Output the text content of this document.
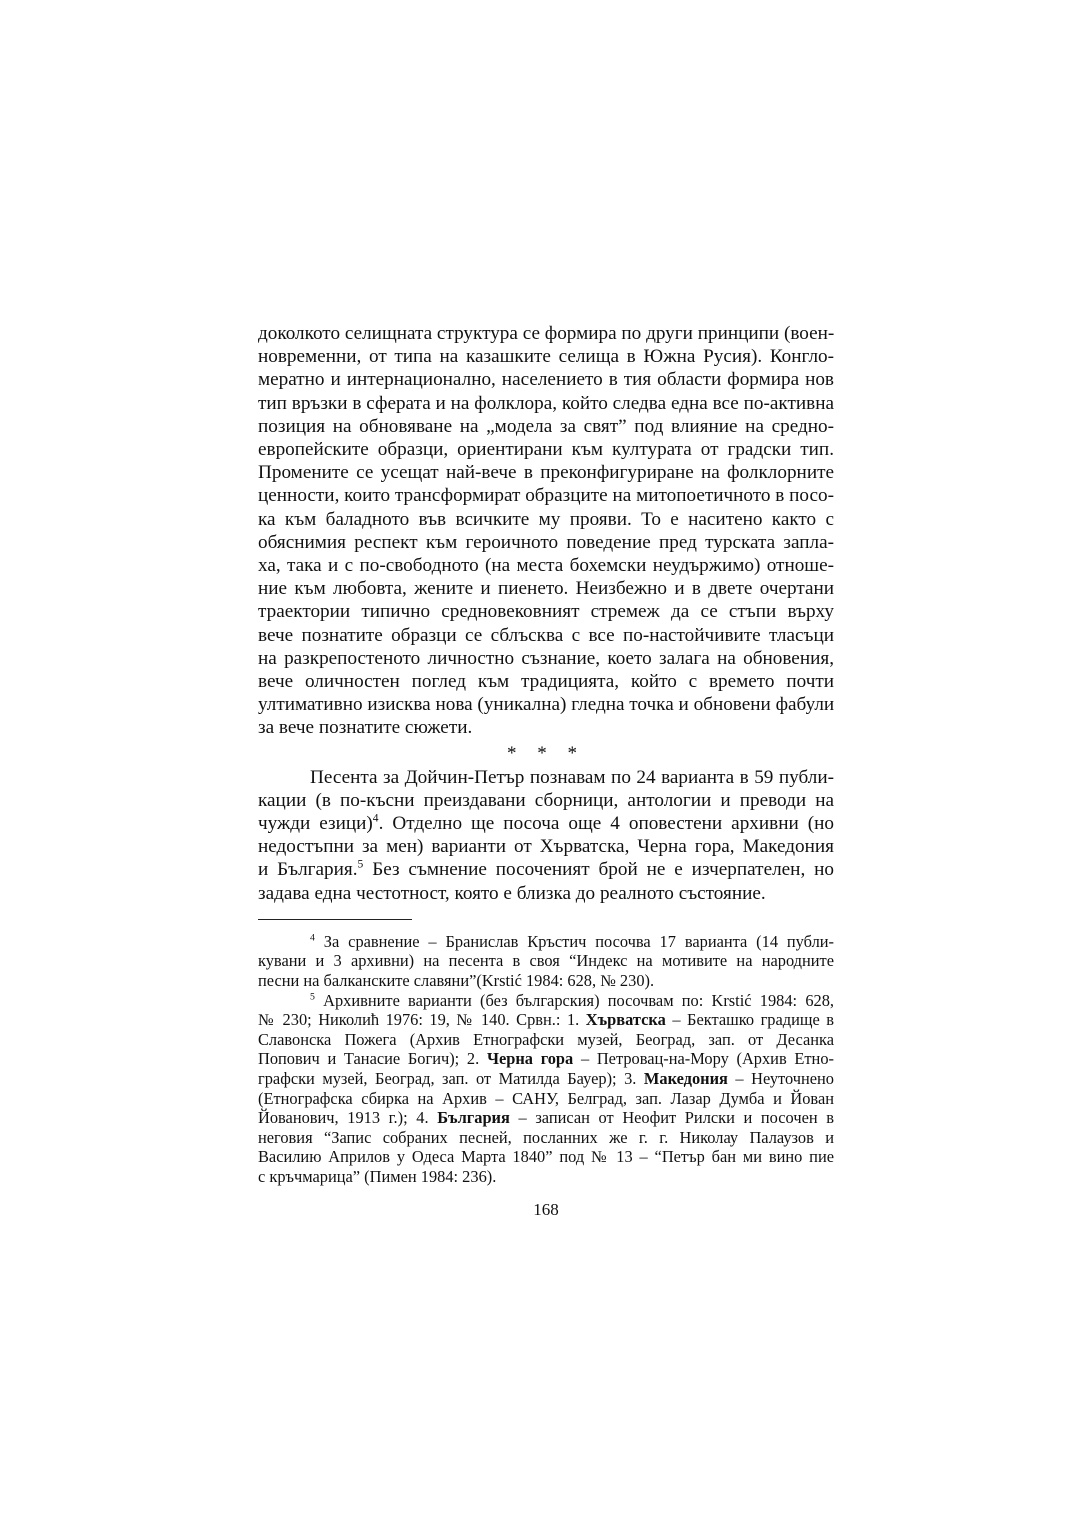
доколкото селищната структура се формира по други принципи (воен-
новременни, от типа на казашките селища в Южна Русия). Конгло-
мератно и интернационално, населението в тия области формира нов
тип връзки в сферата и на фолклора, който следва една все по-активна
позиция на обновяване на „модела за свят” под влияние на средно-
европейските образци, ориентирани към културата от градски тип.
Промените се усещат най-вече в преконфигуриране на фолклорните
ценности, които трансформират образците на митопоетичното в посо-
ка към баладното във всичките му прояви. То е наситено както с
обяснимия респект към героичното поведение пред турската запла-
ха, така и с по-свободното (на места бохемски неудържимо) отноше-
ние към любовта, жените и пиенето. Неизбежно и в двете очертани
траектории типично средновековният стремеж да се стъпи върху
вече познатите образци се сблъсква с все по-настойчивите тласъци
на разкрепостеното личностно съзнание, което залага на обновения,
вече оличностен поглед към традицията, който с времето почти
ултимативно изисква нова (уникална) гледна точка и обновени фабули
за вече познатите сюжети.

* * *

Песента за Дойчин-Петър познавам по 24 варианта в 59 публи-
кации (в по-късни преиздавани сборници, антологии и преводи на
чужди езици)$^4$. Отделно ще посоча още 4 оповестени архивни (но
недостъпни за мен) варианти от Хърватска, Черна гора, Македония
и България.$^5$ Без съмнение посоченият брой не е изчерпателен, но
задава една честотност, която е близка до реалното състояние.

$^4$ За сравнение – Бранислав Кръстич посочва 17 варианта (14 публи-
кувани и 3 архивни) на песента в своя “Индекс на мотивите на народните
песни на балканските славяни”(Krstić 1984: 628, № 230).

$^5$ Архивните варианти (без българския) посочвам по: Krstić 1984: 628,
№ 230; Николић 1976: 19, № 140. Срвн.: 1. Хърватска – Бекташко градище в
Славонска Пожега (Архив Етнографски музей, Београд, зап. от Десанка
Попович и Танасие Богич); 2. Черна гора – Петровац-на-Мору (Архив Етно-
графски музей, Београд, зап. от Матилда Бауер); 3. Македония – Неуточнено
(Етнографска сбирка на Архив – САНУ, Белград, зап. Лазар Думба и Йован
Йованович, 1913 г.); 4. България – записан от Неофит Рилски и посочен в
неговия “Запис собраних песней, посланних же г. г. Николау Палаузов и
Василию Априлов у Одеса Марта 1840” под № 13 – “Петър бан ми вино пие
с кръчмарица” (Пимен 1984: 236).

168
